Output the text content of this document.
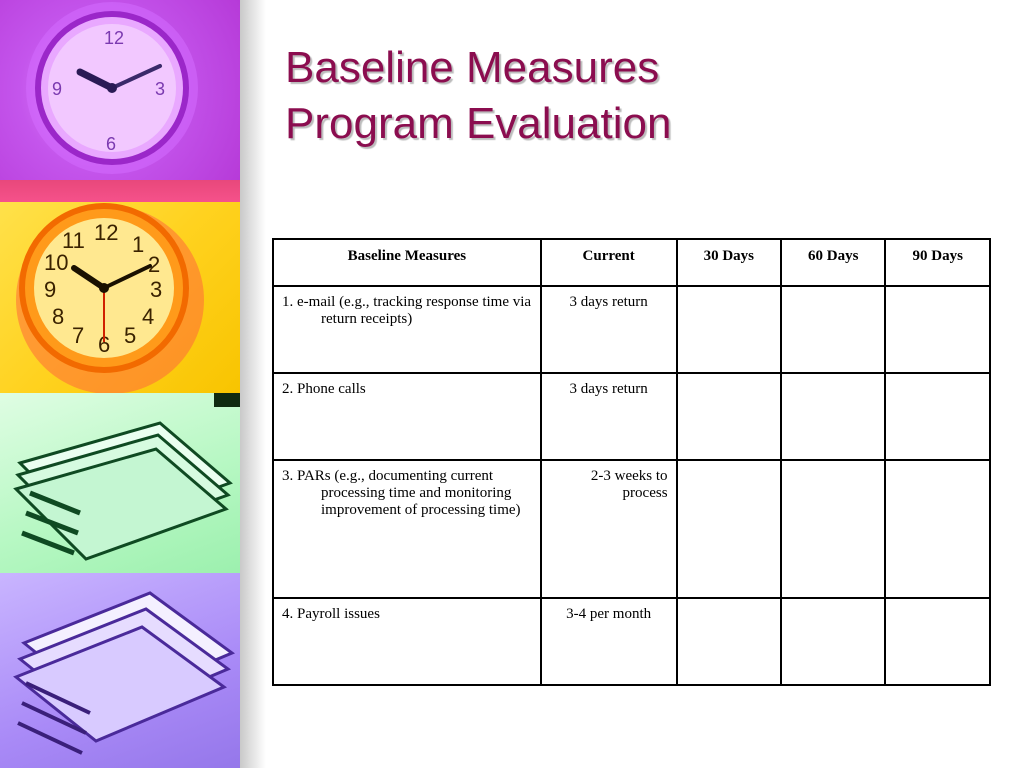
12
3
6
9
12 1
2
3
4
5
6
7
8
9
10
11
Baseline Measures
Program Evaluation
Baseline Measures	Current	30 Days	60 Days	90 Days

1. e-mail (e.g., tracking response time via return receipts)	3 days return			

2. Phone calls	3 days return			

3. PARs (e.g., documenting current processing time and monitoring improvement of processing time)	2-3 weeks to process			

4. Payroll issues	3-4 per month			
